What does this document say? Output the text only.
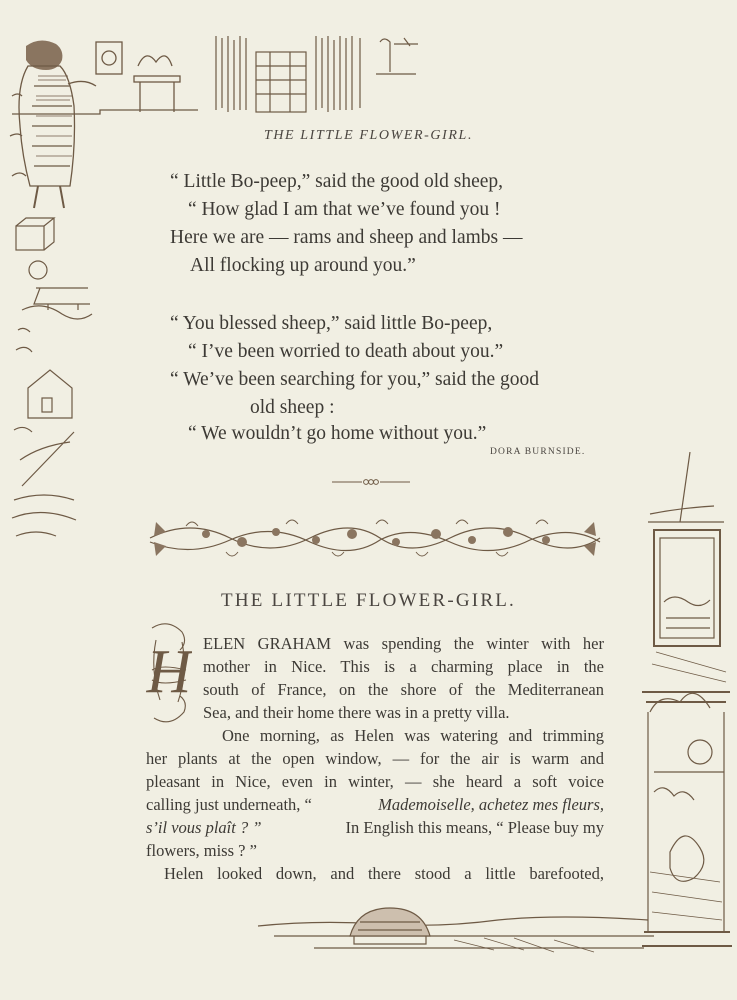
THE LITTLE FLOWER-GIRL.
“ Little Bo-peep,” said the good old sheep,
“ How glad I am that we’ve found you !
Here we are — rams and sheep and lambs —
All flocking up around you.”
“ You blessed sheep,” said little Bo-peep,
“ I’ve been worried to death about you.”
“ We’ve been searching for you,” said the good
old sheep :
“ We wouldn’t go home without you.”
DORA BURNSIDE.
THE LITTLE FLOWER-GIRL.
H ELEN GRAHAM was spending the winter with her
mother in Nice. This is a charming place in the
south of France, on the shore of the Mediterranean
Sea, and their home there was in a pretty villa.
One morning, as Helen was watering and trimming
her plants at the open window, — for the air is warm and
pleasant in Nice, even in winter, — she heard a soft voice
calling just underneath, “	Mademoiselle, achetez mes fleurs,
s’il vous plaît ? ”	In English this means, “ Please buy my
flowers, miss ? ”
Helen looked down, and there stood a little barefooted,
